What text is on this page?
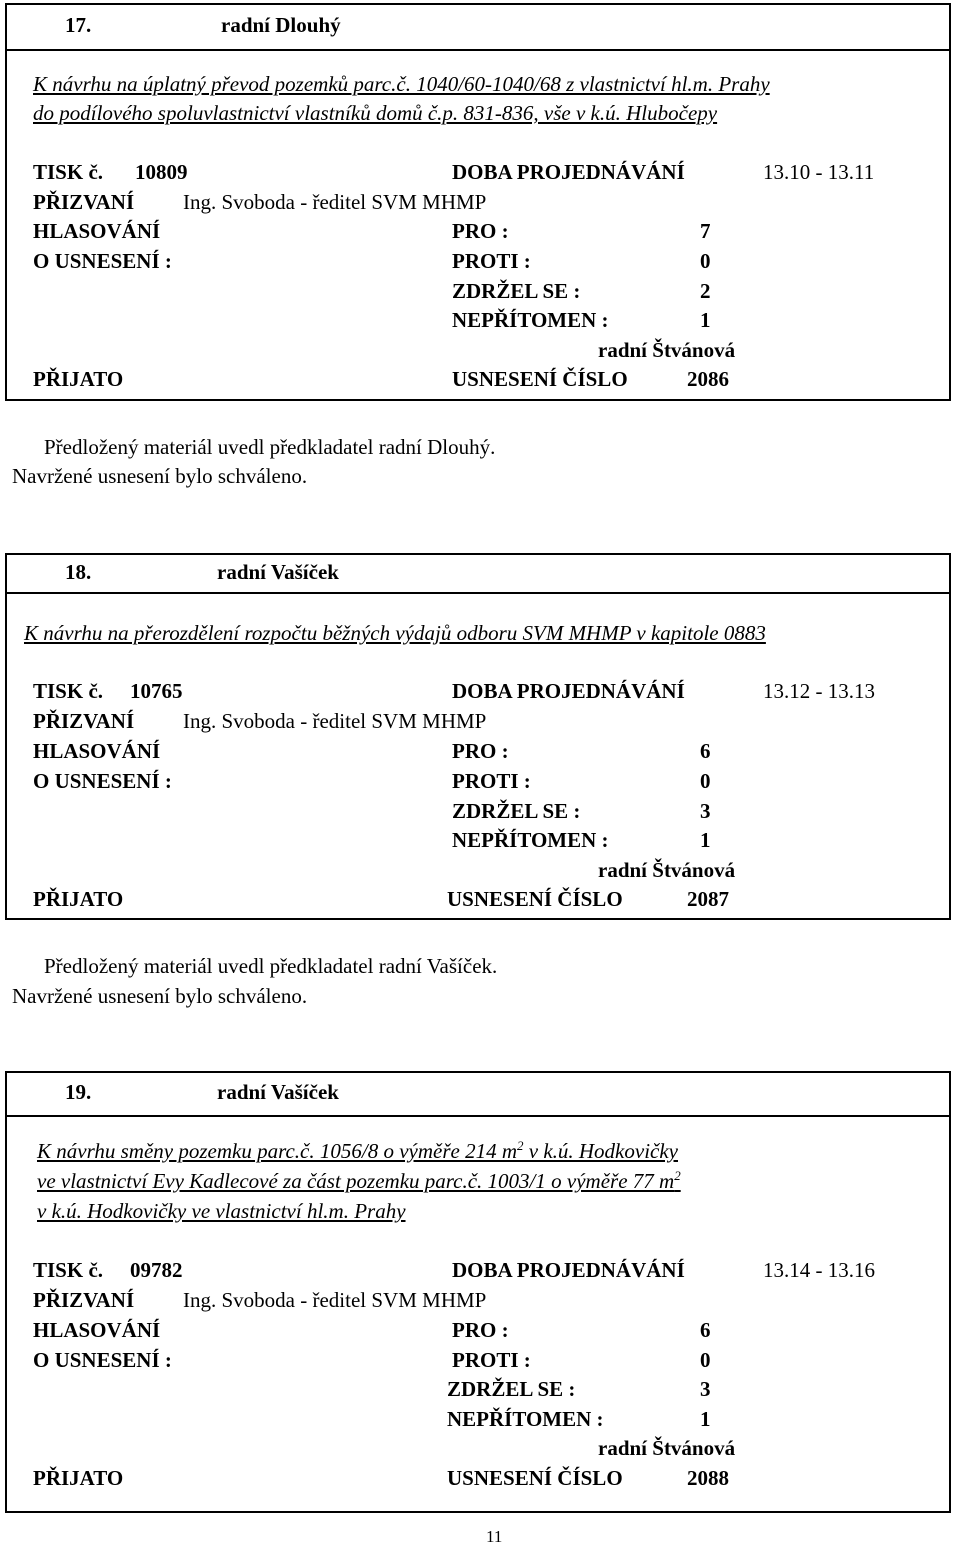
17.	radní Dlouhý
K návrhu na úplatný převod pozemků parc.č. 1040/60-1040/68 z vlastnictví hl.m. Prahy
do podílového spoluvlastnictví vlastníků domů č.p. 831-836, vše v k.ú. Hlubočepy
TISK č. 10809	DOBA PROJEDNÁVÁNÍ	13.10 - 13.11
PŘIZVANÍ Ing. Svoboda - ředitel SVM MHMP
HLASOVÁNÍ	PRO :	7
O USNESENÍ :	PROTI :	0
ZDRŽEL SE :	2
NEPŘÍTOMEN :	1
radní Štvánová
PŘIJATO	USNESENÍ ČÍSLO	2086
Předložený materiál uvedl předkladatel radní Dlouhý.
Navržené usnesení bylo schváleno.
18.	radní Vašíček
K návrhu na přerozdělení rozpočtu běžných výdajů odboru SVM MHMP v kapitole 0883
TISK č. 10765	DOBA PROJEDNÁVÁNÍ	13.12 - 13.13
PŘIZVANÍ Ing. Svoboda - ředitel SVM MHMP
HLASOVÁNÍ	PRO :	6
O USNESENÍ :	PROTI :	0
ZDRŽEL SE :	3
NEPŘÍTOMEN :	1
radní Štvánová
PŘIJATO	USNESENÍ ČÍSLO	2087
Předložený materiál uvedl předkladatel radní Vašíček.
Navržené usnesení bylo schváleno.
19.	radní Vašíček
K návrhu směny pozemku parc.č. 1056/8 o výměře 214 $m^2$ v k.ú. Hodkovičky
ve vlastnictví Evy Kadlecové za část pozemku parc.č. 1003/1 o výměře 77 $m^2$
v k.ú. Hodkovičky ve vlastnictví hl.m. Prahy
TISK č. 09782	DOBA PROJEDNÁVÁNÍ	13.14 - 13.16
PŘIZVANÍ Ing. Svoboda - ředitel SVM MHMP
HLASOVÁNÍ	PRO :	6
O USNESENÍ :	PROTI :	0
ZDRŽEL SE :	3
NEPŘÍTOMEN :	1
radní Štvánová
PŘIJATO	USNESENÍ ČÍSLO	2088
11
